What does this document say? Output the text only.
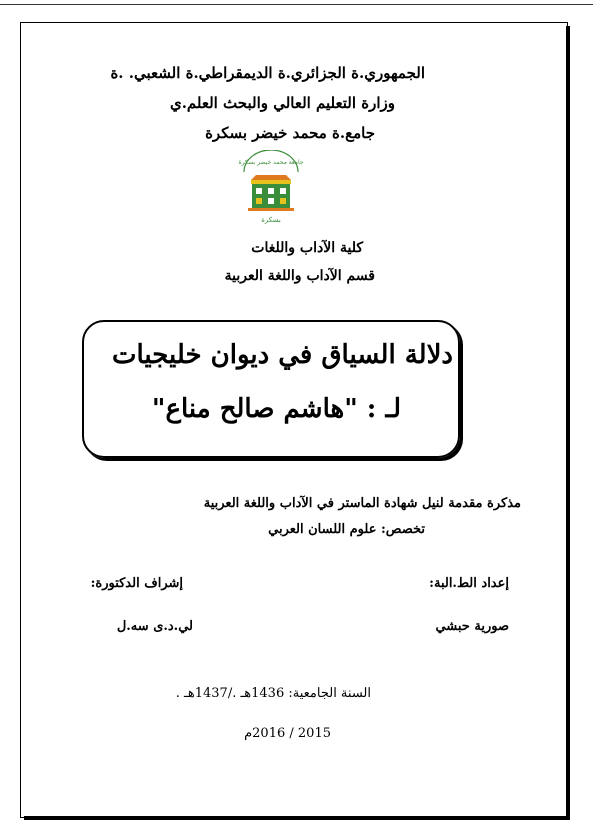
الجمهوري.ة الجزائري.ة الديمقراطي.ة الشعبي. .ة
وزارة التعليم العالي والبحث العلم.ي
جامع.ة محمد خيضر بسكرة
جامعة محمد خيضر بسكرة
بسكرة
كلية الآداب واللغات
قسم الآداب واللغة العربية
دلالة السياق في ديوان خليجيات
لـ : "هاشم صالح مناع"
مذكرة مقدمة لنيل شهادة الماستر في الآداب واللغة العربية
تخصص: علوم اللسان العربي
إعداد الط.البة:
إشراف الدكتورة:
صورية حبشي
لي.د.ى سه.ل
السنة الجامعية: 1436هـ ./1437هـ .
2015 / 2016م
